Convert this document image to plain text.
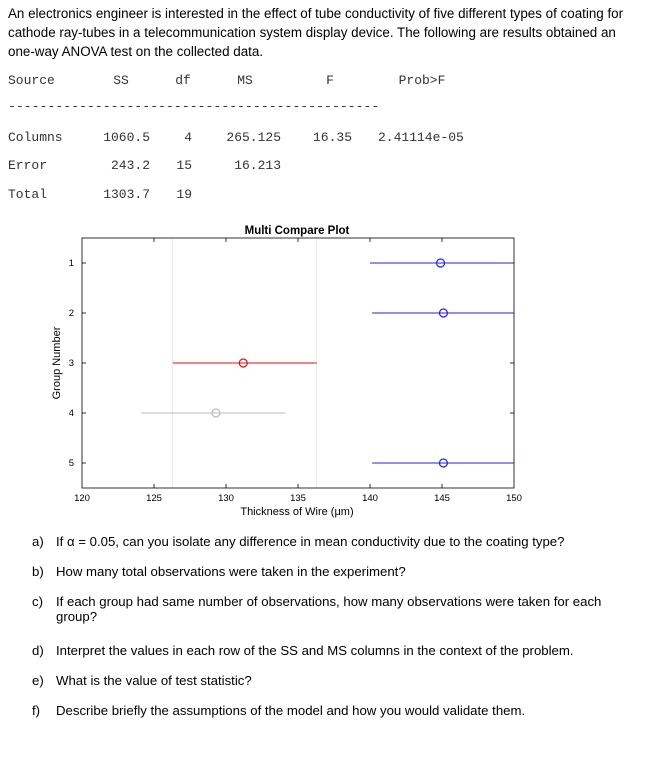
An electronics engineer is interested in the effect of tube conductivity of five different types of coating for cathode ray-tubes in a telecommunication system display device. The following are results obtained an one-way ANOVA test on the collected data.
Source	SS	df	MS	F	Prob>F
-----------------------------------------------
Columns	1060.5	4	265.125	16.35 2.41114e-05
Error	243.2	15	16.213
Total	1303.7	19
Multi Compare Plot
120	125	130	135	140	145	150
1
2
3
4
5
Thickness of Wire (μm)
Group Number
a) If α = 0.05, can you isolate any difference in mean conductivity due to the coating type?
b) How many total observations were taken in the experiment?
c) If each group had same number of observations, how many observations were taken for each
group?
d) Interpret the values in each row of the SS and MS columns in the context of the problem.
e) What is the value of test statistic?
f) Describe briefly the assumptions of the model and how you would validate them.
